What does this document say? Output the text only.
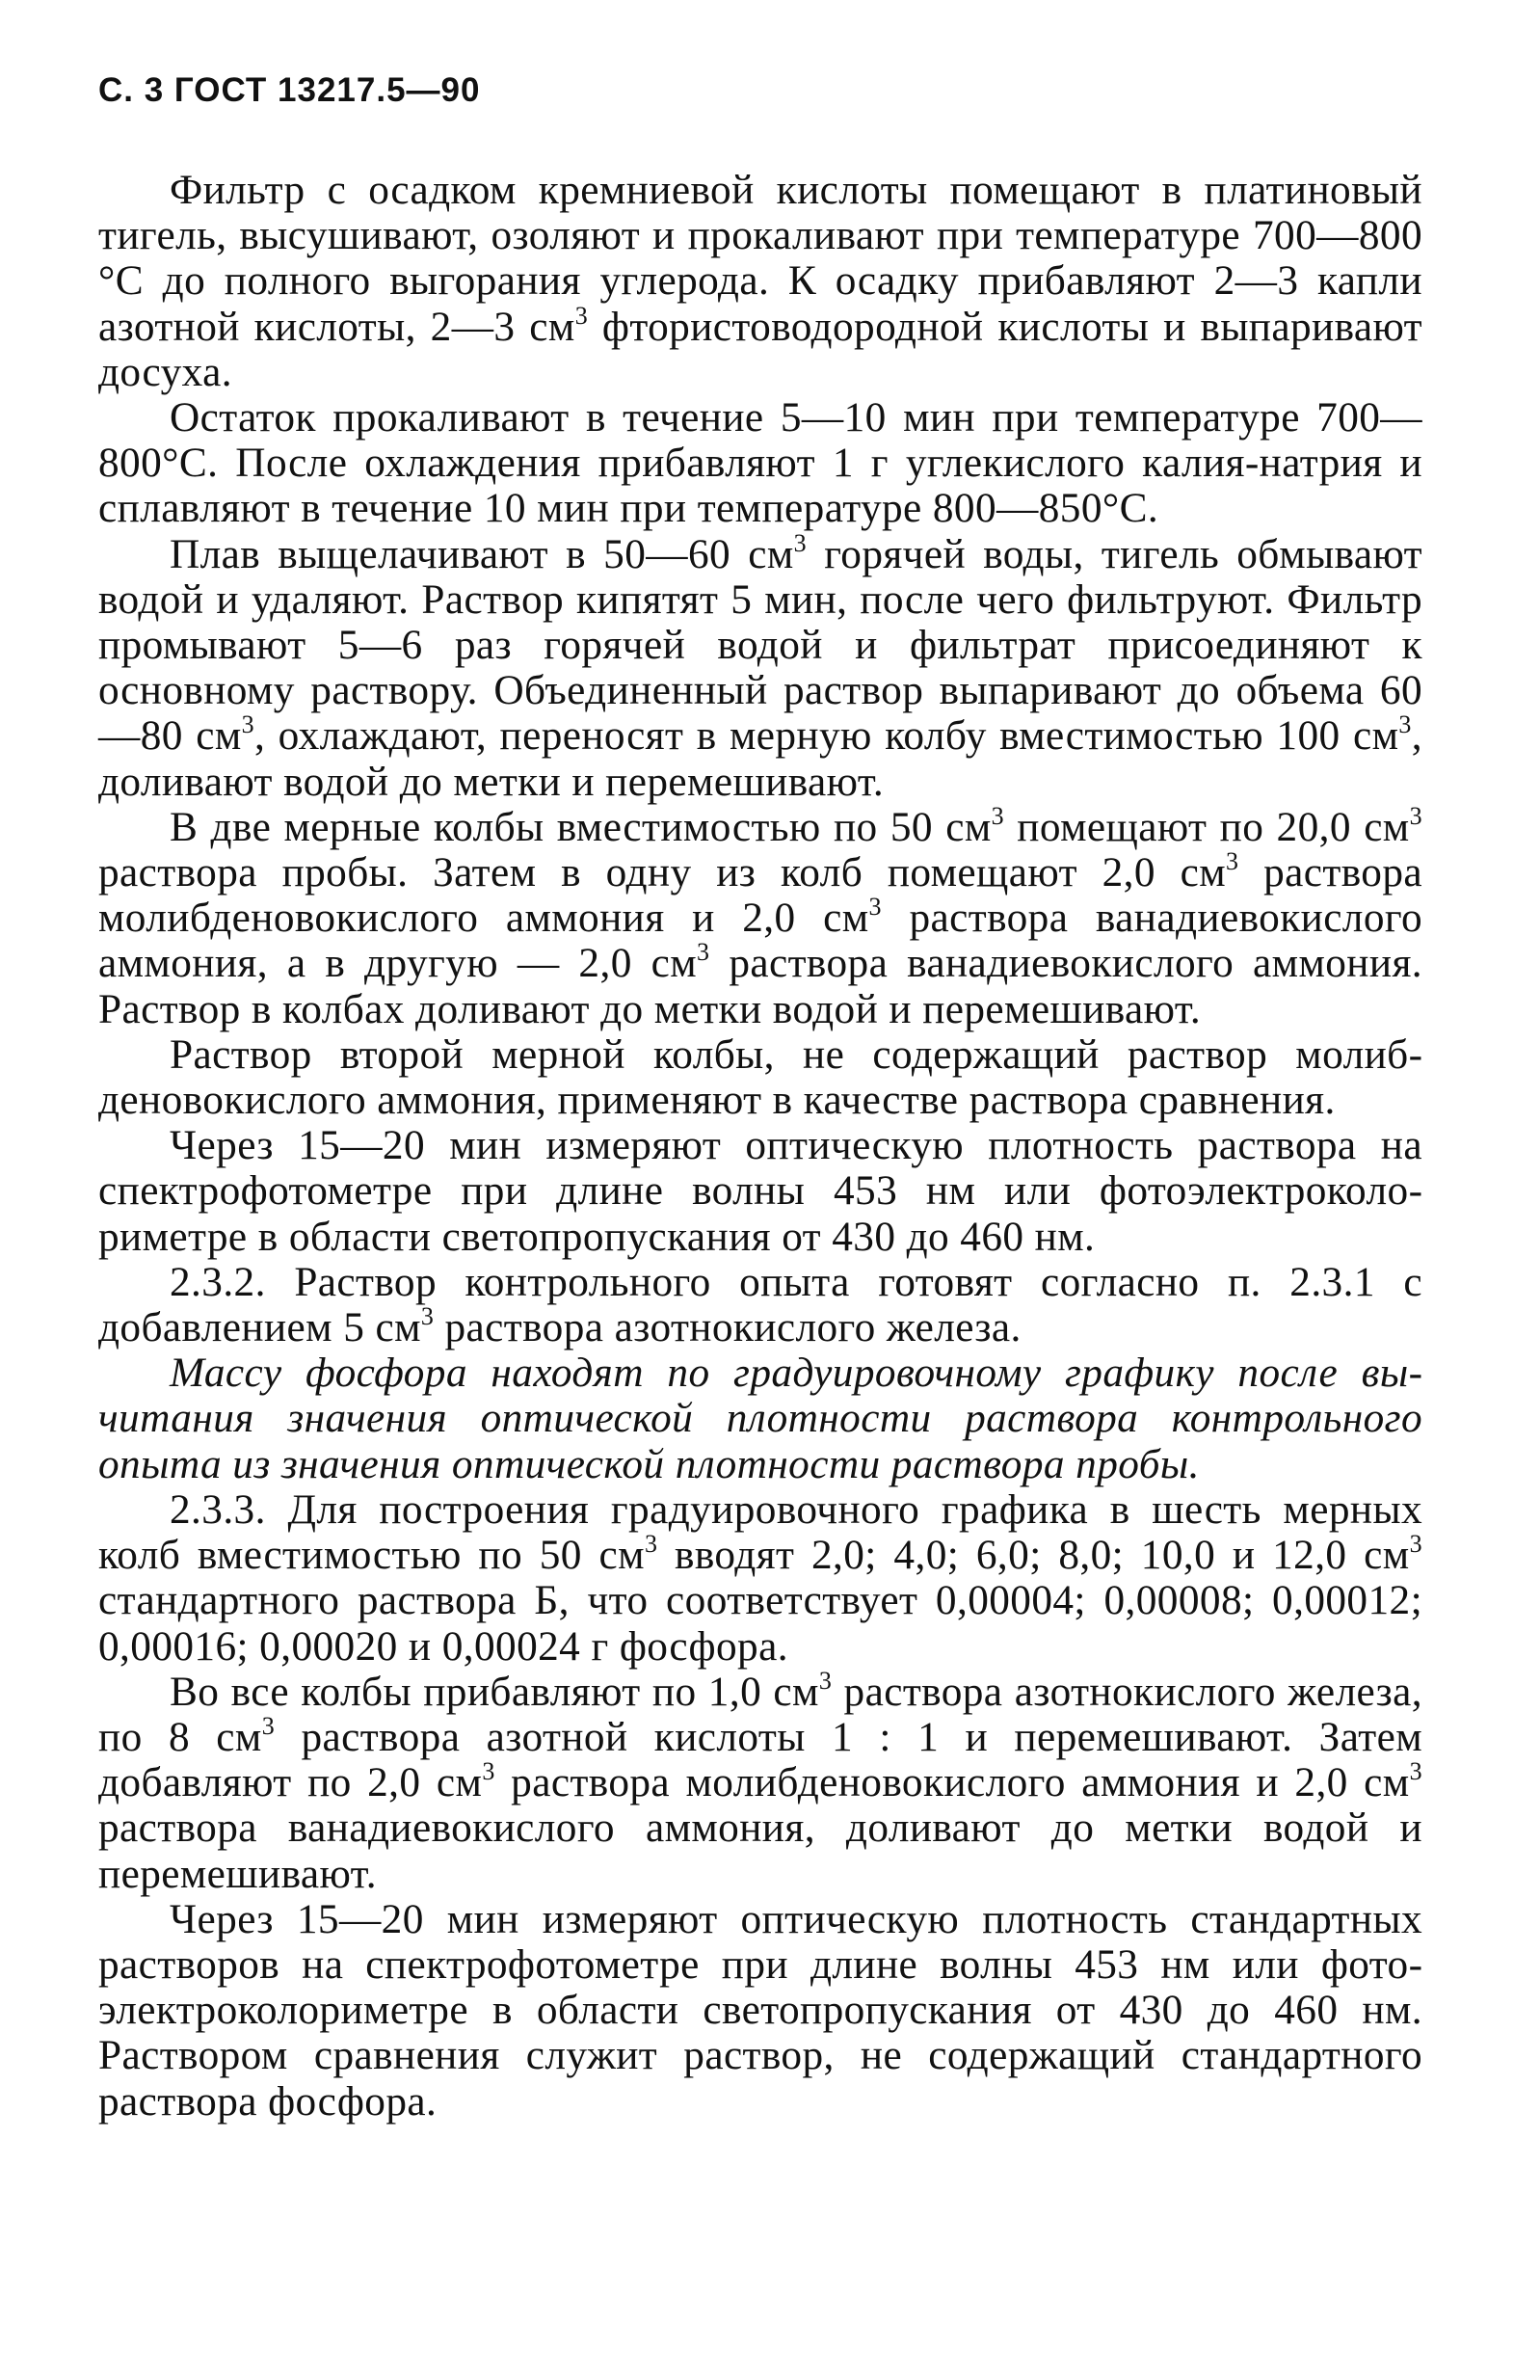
С. 3 ГОСТ 13217.5—90

Фильтр с осадком кремниевой кислоты помещают в платиновый тигель, высушивают, озоляют и прокаливают при температуре 700—800 °С до полного выгорания углерода. К осадку прибавляют 2—3 капли азотной кислоты, 2—3 $см^3$ фтористоводородной кислоты и выпаривают досуха.

Остаток прокаливают в течение 5—10 мин при температуре 700—800°С. После охлаждения прибавляют 1 г углекислого калия-натрия и сплавляют в течение 10 мин при температуре 800—850°С.

Плав выщелачивают в 50—60 $см^3$ горячей воды, тигель обмывают водой и удаляют. Раствор кипятят 5 мин, после чего фильтруют. Фильтр промывают 5—6 раз горячей водой и фильтрат присоединяют к основному раствору. Объединенный раствор выпаривают до объема 60—80 $см^3$, охлаждают, переносят в мерную колбу вместимостью 100 $см^3$, доливают водой до метки и перемешивают.

В две мерные колбы вместимостью по 50 $см^3$ помещают по 20,0 $см^3$ раствора пробы. Затем в одну из колб помещают 2,0 $см^3$ раствора молибденовокислого аммония и 2,0 $см^3$ раствора ванадиевокислого аммония, а в другую — 2,0 $см^3$ раствора ванадиевокислого аммония. Раствор в колбах доливают до метки водой и перемешивают.

Раствор второй мерной колбы, не содержащий раствор молибденовокислого аммония, применяют в качестве раствора сравнения.

Через 15—20 мин измеряют оптическую плотность раствора на спектрофотометре при длине волны 453 нм или фотоэлектроколориметре в области светопропускания от 430 до 460 нм.

2.3.2. Раствор контрольного опыта готовят согласно п. 2.3.1 с добавлением 5 $см^3$ раствора азотнокислого железа.

Массу фосфора находят по градуировочному графику после вычитания значения оптической плотности раствора контрольного опыта из значения оптической плотности раствора пробы.

2.3.3. Для построения градуировочного графика в шесть мерных колб вместимостью по 50 $см^3$ вводят 2,0; 4,0; 6,0; 8,0; 10,0 и 12,0 $см^3$ стандартного раствора Б, что соответствует 0,00004; 0,00008; 0,00012; 0,00016; 0,00020 и 0,00024 г фосфора.

Во все колбы прибавляют по 1,0 $см^3$ раствора азотнокислого железа, по 8 $см^3$ раствора азотной кислоты 1 : 1 и перемешивают. Затем добавляют по 2,0 $см^3$ раствора молибденовокислого аммония и 2,0 $см^3$ раствора ванадиевокислого аммония, доливают до метки водой и перемешивают.

Через 15—20 мин измеряют оптическую плотность стандартных растворов на спектрофотометре при длине волны 453 нм или фотоэлектроколориметре в области светопропускания от 430 до 460 нм. Раствором сравнения служит раствор, не содержащий стандартного раствора фосфора.
